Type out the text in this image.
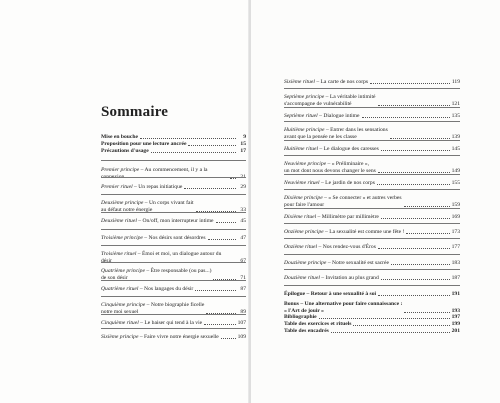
Sommaire
Mise en bouche	9
Proposition pour une lecture ancrée	15
Précautions d'usage	17
Premier principe – Au commencement, il y a la connexion	21
Premier rituel – Un repas initiatique	29
Deuxième principe – Un corps vivant fait
au défaut notre énergie	33
Deuxième rituel – On/off, mon interrupteur intime	45
Troisième principe – Nos désirs sont désordres	47
Troisième rituel – Émoi et moi, un dialogue autour du désir	67
Quatrième principe – Être responsable (ou pas...)
de son désir	71
Quatrième rituel – Nos langages du désir	87
Cinquième principe – Notre biographie ficelle
notre moi sexuel	89
Cinquième rituel – Le baiser qui tend à la vie	107
Sixième principe – Faire vivre notre énergie sexuelle	109
Sixième rituel – La carte de nos corps	119
Septième principe – La véritable intimité
s'accompagne de vulnérabilité	121
Septième rituel – Dialogue intime	135
Huitième principe – Entrer dans les sensations
avant que la pensée ne les classe	139
Huitième rituel – Le dialogue des caresses	145
Neuvième principe – « Préliminaire »,
un mot dont nous devons changer le sens	149
Neuvième rituel – Le jardin de nos corps	155
Dixième principe – « Se connecter » et autres verbes
pour faire l'amour	159
Dixième rituel – Millimètre par millimètre	169
Onzième principe – La sexualité est comme une fête !	173
Onzième rituel – Nos rendez-vous d'Éros	177
Douzième principe – Notre sexualité est sacrée	183
Douzième rituel – Invitation au plus grand	187
Épilogue – Retour à une sexualité à soi	191
Bonus – Une alternative pour faire connaissance :
« l'Art de jouir »	193
Bibliographie	197
Table des exercices et rituels	199
Table des encadrés	201
